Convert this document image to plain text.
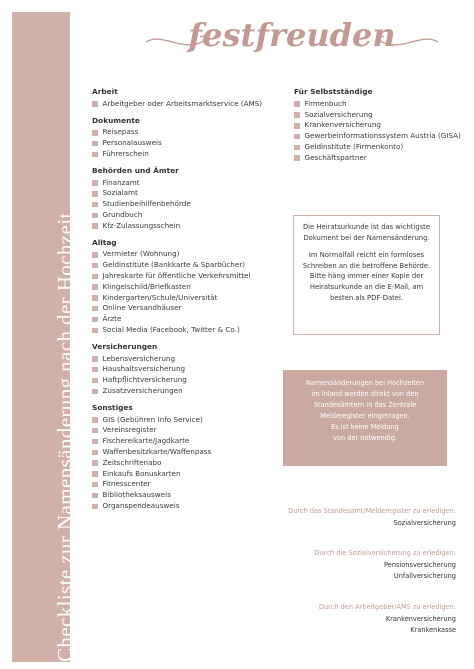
Checkliste zur Namensänderung nach der Hochzeit
festfreuden
Arbeit
Arbeitgeber oder Arbeitsmarktservice (AMS)
Dokumente
Reisepass
Personalausweis
Führerschein
Behörden und Ämter
Finanzamt
Sozialamt
Studienbeihilfenbehörde
Grundbuch
Kfz-Zulassungsschein
Alltag
Vermieter (Wohnung)
Geldinstitute (Bankkarte & Sparbücher)
Jahreskarte für öffentliche Verkehrsmittel
Klingelschild/Briefkasten
Kindergarten/Schule/Universität
Online Versandhäuser
Ärzte
Social Media (Facebook, Twitter & Co.)
Versicherungen
Lebensversicherung
Haushaltsversicherung
Haftpflichtversicherung
Zusatzversicherungen
Sonstiges
GIS (Gebühren Info Service)
Vereinsregister
Fischereikarte/Jagdkarte
Waffenbesitzkarte/Waffenpass
Zeitschriftenabo
Einkaufs Bonuskarten
Fitnesscenter
Bibliotheksausweis
Organspendeausweis
Für Selbstständige
Firmenbuch
Sozialversicherung
Krankenversicherung
Gewerbeinformationssystem Austria (GISA)
Geldinstitute (Firmenkonto)
Geschäftspartner

Die Heiratsurkunde ist das wichtigste Dokument bei der Namensänderung.

Im Normalfall reicht ein formloses Schreiben an die betroffene Behörde. Bitte häng immer einer Kopie der Heiratsurkunde an die E-Mail, am besten als PDF-Datei.

Namensänderungen bei Hochzeiten
im Inland werden direkt von den
Standesämtern in das Zentrale
Melderegister eingetragen.
Es ist keine Meldung
von der notwendig.
Durch das Standesamt/Melderegister zu erledigen:
Sozialversicherung
Durch die Sozialversicherung zu erledigen:
Pensionsversicherung
Unfallversicherung
Durch den Arbeitgeber/AMS zu erledigen:
Krankenversicherung
Krankenkasse
